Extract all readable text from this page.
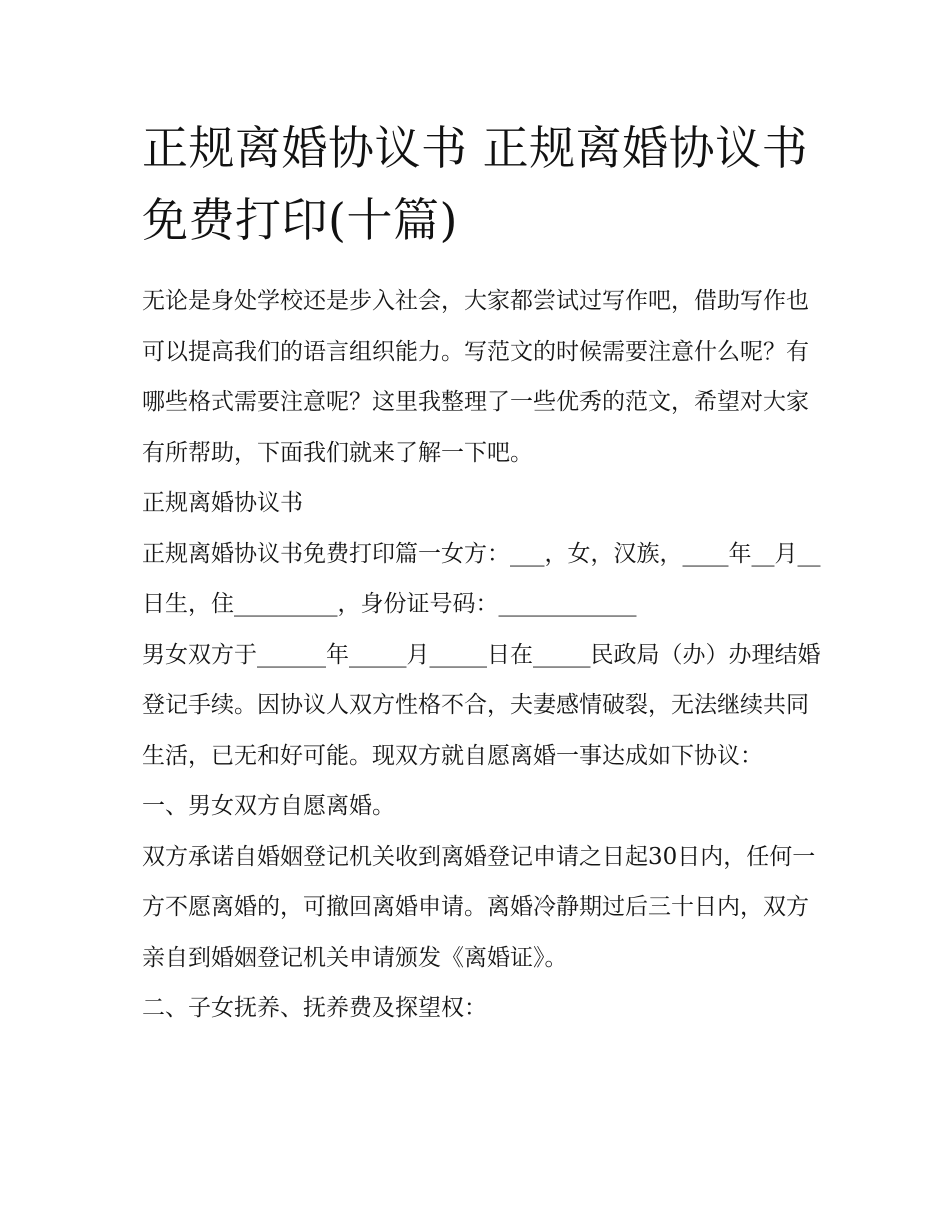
正规离婚协议书 正规离婚协议书免费打印(十篇)

无论是身处学校还是步入社会，大家都尝试过写作吧，借助写作也可以提高我们的语言组织能力。写范文的时候需要注意什么呢？有哪些格式需要注意呢？这里我整理了一些优秀的范文，希望对大家有所帮助，下面我们就来了解一下吧。

正规离婚协议书

正规离婚协议书免费打印篇一女方：___，女，汉族，____年__月__日生，住_________，身份证号码：____________

男女双方于______年_____月_____日在_____民政局（办）办理结婚登记手续。因协议人双方性格不合，夫妻感情破裂，无法继续共同生活，已无和好可能。现双方就自愿离婚一事达成如下协议：

一、男女双方自愿离婚。

双方承诺自婚姻登记机关收到离婚登记申请之日起30日内，任何一方不愿离婚的，可撤回离婚申请。离婚冷静期过后三十日内，双方亲自到婚姻登记机关申请颁发《离婚证》。

二、子女抚养、抚养费及探望权：
